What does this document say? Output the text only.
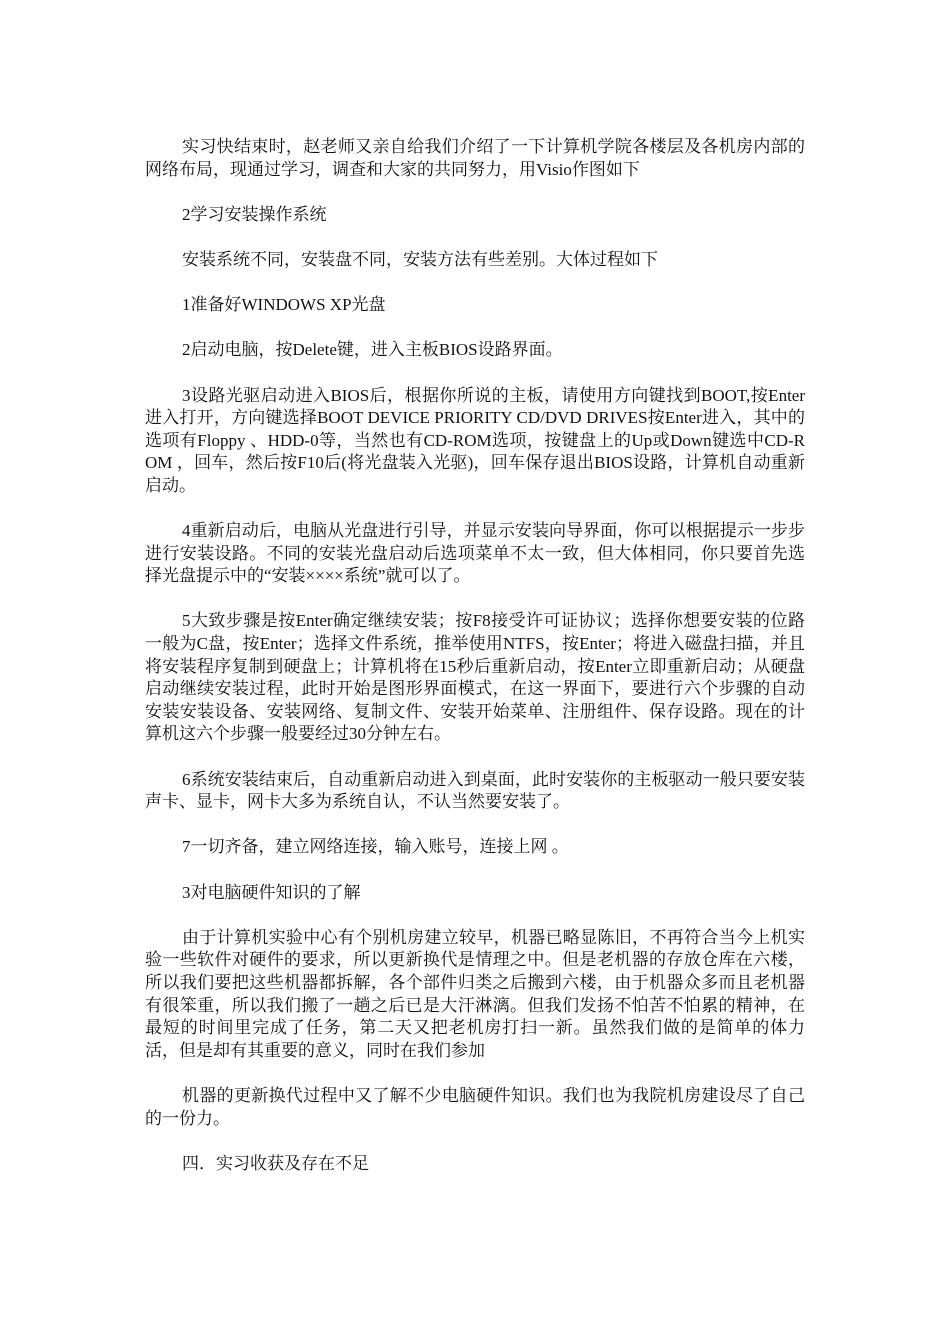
实习快结束时，赵老师又亲自给我们介绍了一下计算机学院各楼层及各机房内部的网络布局，现通过学习，调查和大家的共同努力，用Visio作图如下

2学习安装操作系统

安装系统不同，安装盘不同，安装方法有些差别。大体过程如下

1准备好WINDOWS XP光盘

2启动电脑，按Delete键，进入主板BIOS设路界面。

3设路光驱启动进入BIOS后，根据你所说的主板，请使用方向键找到BOOT,按Enter进入打开，方向键选择BOOT DEVICE PRIORITY CD/DVD DRIVES按Enter进入，其中的选项有Floppy 、HDD-0等，当然也有CD-ROM选项，按键盘上的Up或Down键选中CD-ROM ，回车，然后按F10后(将光盘装入光驱)，回车保存退出BIOS设路，计算机自动重新启动。

4重新启动后，电脑从光盘进行引导，并显示安装向导界面，你可以根据提示一步步进行安装设路。不同的安装光盘启动后选项菜单不太一致，但大体相同，你只要首先选择光盘提示中的“安装××××系统”就可以了。

5大致步骤是按Enter确定继续安装；按F8接受许可证协议；选择你想要安装的位路一般为C盘，按Enter；选择文件系统，推举使用NTFS，按Enter；将进入磁盘扫描，并且将安装程序复制到硬盘上；计算机将在15秒后重新启动，按Enter立即重新启动；从硬盘启动继续安装过程，此时开始是图形界面模式，在这一界面下，要进行六个步骤的自动安装安装设备、安装网络、复制文件、安装开始菜单、注册组件、保存设路。现在的计算机这六个步骤一般要经过30分钟左右。

6系统安装结束后，自动重新启动进入到桌面，此时安装你的主板驱动一般只要安装声卡、显卡，网卡大多为系统自认，不认当然要安装了。

7一切齐备，建立网络连接，输入账号，连接上网 。

3对电脑硬件知识的了解

由于计算机实验中心有个别机房建立较早，机器已略显陈旧，不再符合当今上机实验一些软件对硬件的要求，所以更新换代是情理之中。但是老机器的存放仓库在六楼，所以我们要把这些机器都拆解，各个部件归类之后搬到六楼，由于机器众多而且老机器有很笨重，所以我们搬了一趟之后已是大汗淋漓。但我们发扬不怕苦不怕累的精神，在最短的时间里完成了任务，第二天又把老机房打扫一新。虽然我们做的是简单的体力活，但是却有其重要的意义，同时在我们参加

机器的更新换代过程中又了解不少电脑硬件知识。我们也为我院机房建设尽了自己的一份力。

四．实习收获及存在不足
